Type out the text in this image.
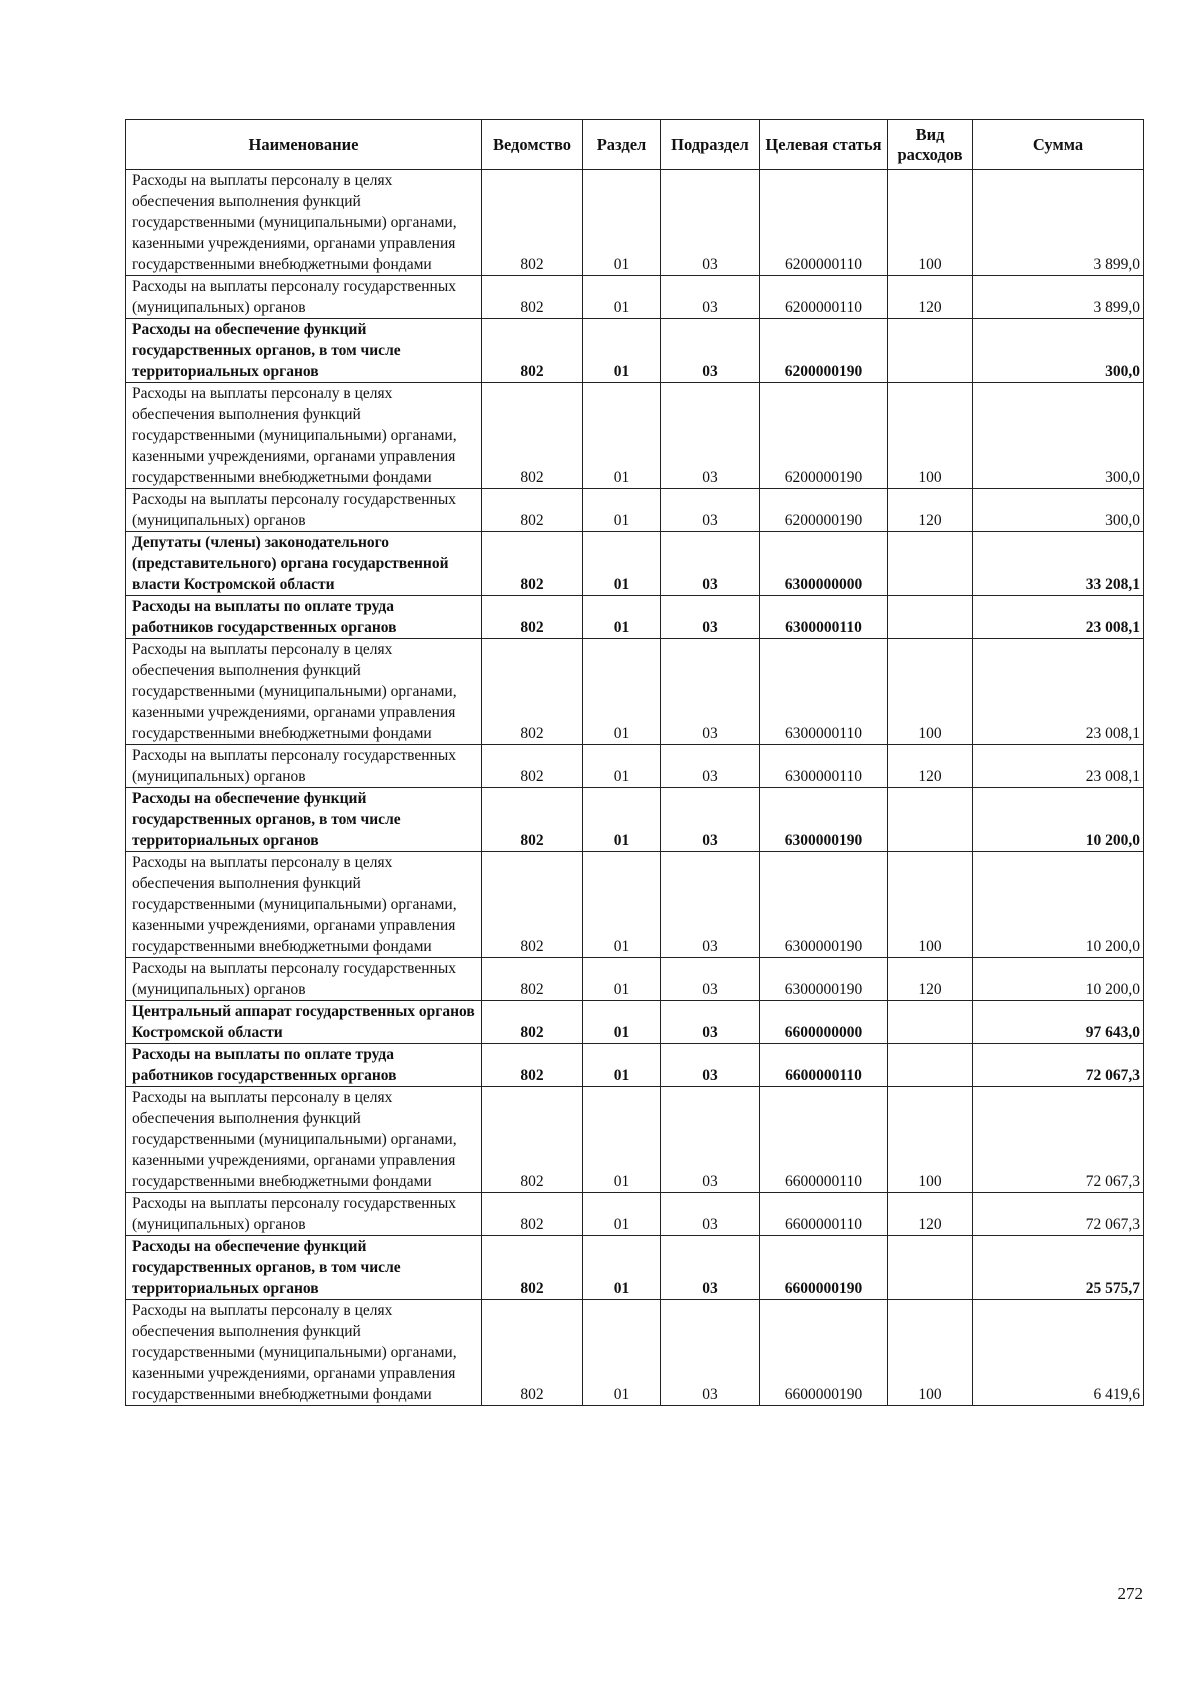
Наименование	Ведомство	Раздел	Подраздел	Целевая статья	Вид расходов	Сумма
Расходы на выплаты персоналу в целях обеспечения выполнения функций государственными (муниципальными) органами, казенными учреждениями, органами управления государственными внебюджетными фондами	802	01	03	6200000110	100	3 899,0
Расходы на выплаты персоналу государственных (муниципальных) органов	802	01	03	6200000110	120	3 899,0
Расходы на обеспечение функций государственных органов, в том числе территориальных органов	802	01	03	6200000190		300,0
Расходы на выплаты персоналу в целях обеспечения выполнения функций государственными (муниципальными) органами, казенными учреждениями, органами управления государственными внебюджетными фондами	802	01	03	6200000190	100	300,0
Расходы на выплаты персоналу государственных (муниципальных) органов	802	01	03	6200000190	120	300,0
Депутаты (члены) законодательного (представительного) органа государственной власти Костромской области	802	01	03	6300000000		33 208,1
Расходы на выплаты по оплате труда работников государственных органов	802	01	03	6300000110		23 008,1
Расходы на выплаты персоналу в целях обеспечения выполнения функций государственными (муниципальными) органами, казенными учреждениями, органами управления государственными внебюджетными фондами	802	01	03	6300000110	100	23 008,1
Расходы на выплаты персоналу государственных (муниципальных) органов	802	01	03	6300000110	120	23 008,1
Расходы на обеспечение функций государственных органов, в том числе территориальных органов	802	01	03	6300000190		10 200,0
Расходы на выплаты персоналу в целях обеспечения выполнения функций государственными (муниципальными) органами, казенными учреждениями, органами управления государственными внебюджетными фондами	802	01	03	6300000190	100	10 200,0
Расходы на выплаты персоналу государственных (муниципальных) органов	802	01	03	6300000190	120	10 200,0
Центральный аппарат государственных органов Костромской области	802	01	03	6600000000		97 643,0
Расходы на выплаты по оплате труда работников государственных органов	802	01	03	6600000110		72 067,3
Расходы на выплаты персоналу в целях обеспечения выполнения функций государственными (муниципальными) органами, казенными учреждениями, органами управления государственными внебюджетными фондами	802	01	03	6600000110	100	72 067,3
Расходы на выплаты персоналу государственных (муниципальных) органов	802	01	03	6600000110	120	72 067,3
Расходы на обеспечение функций государственных органов, в том числе территориальных органов	802	01	03	6600000190		25 575,7
Расходы на выплаты персоналу в целях обеспечения выполнения функций государственными (муниципальными) органами, казенными учреждениями, органами управления государственными внебюджетными фондами	802	01	03	6600000190	100	6 419,6
272
